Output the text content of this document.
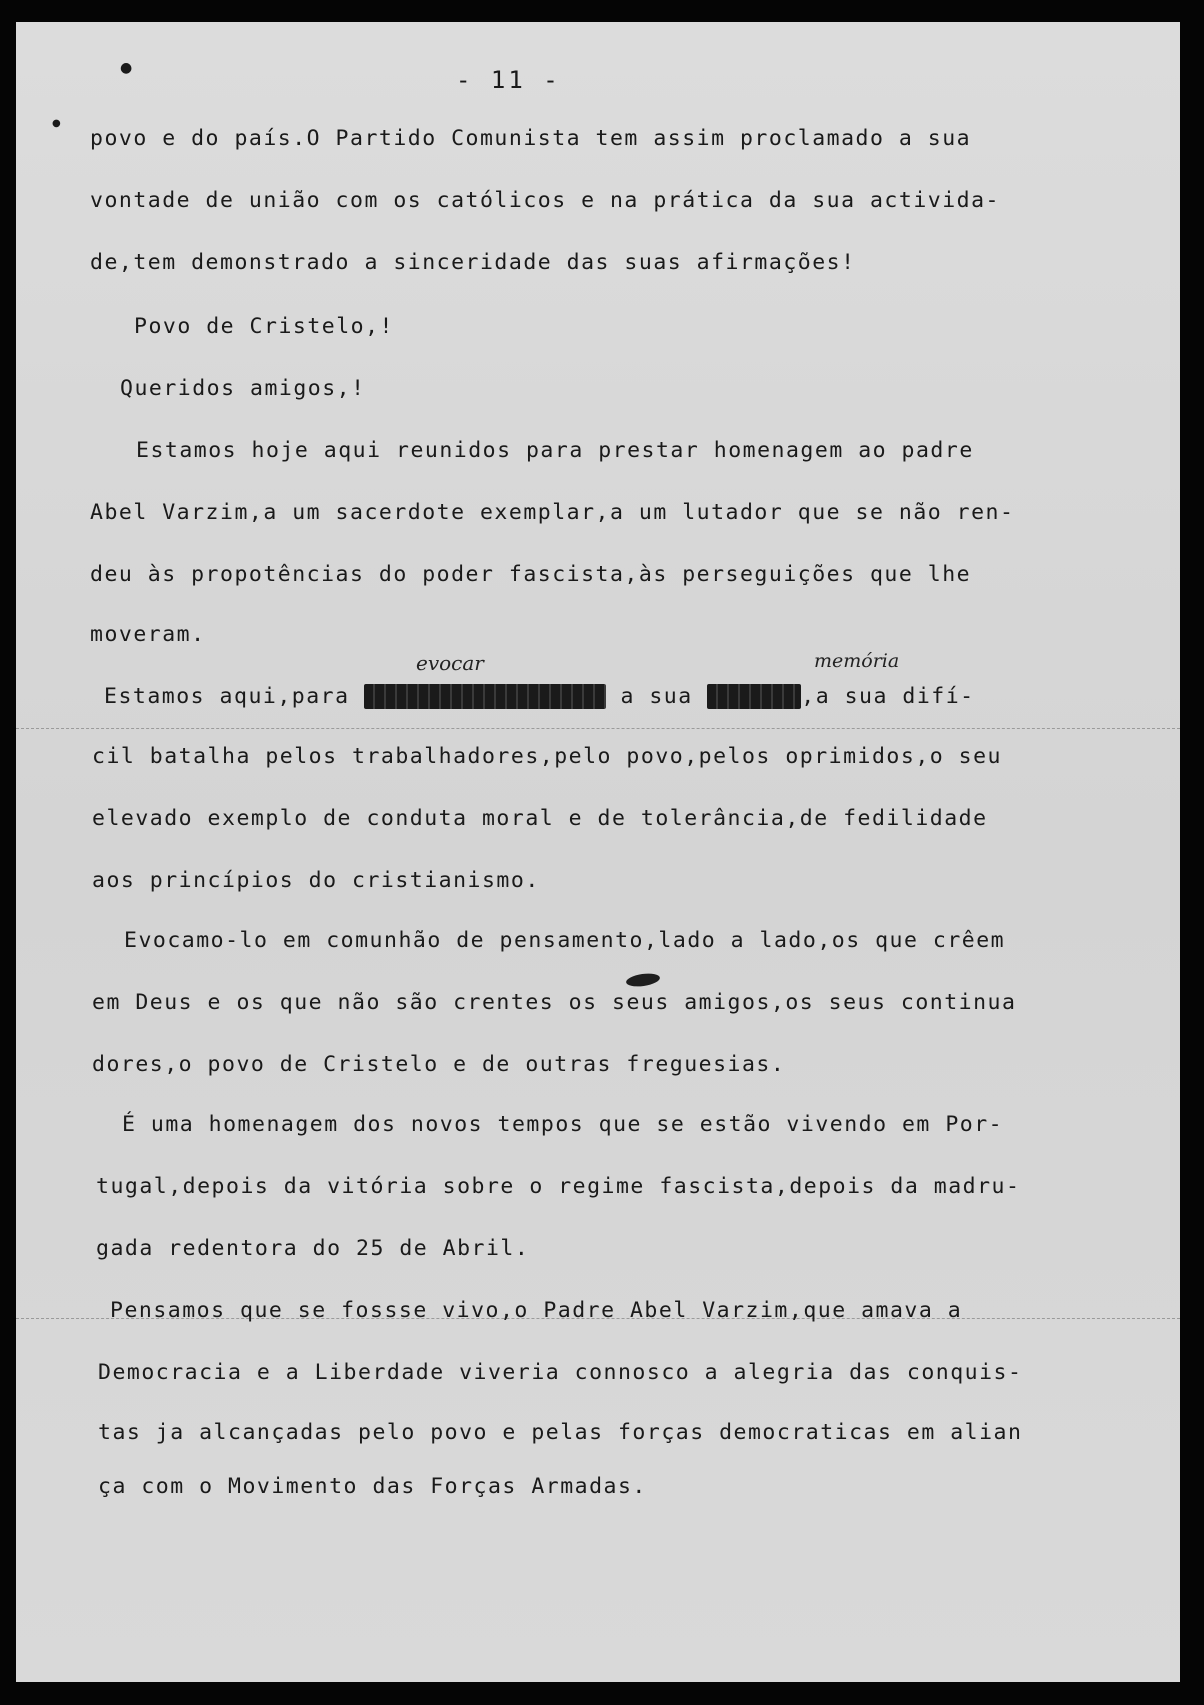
●
●
- 11 -
povo e do país.O Partido Comunista tem assim proclamado a sua
vontade de união com os católicos e na prática da sua activida-
de,tem demonstrado a sinceridade das suas afirmações!
Povo de Cristelo,!
Queridos amigos,!
Estamos hoje aqui reunidos para prestar homenagem ao padre
Abel Varzim,a um sacerdote exemplar,a um lutador que se não ren-
deu às propotências do poder fascista,às perseguições que lhe
moveram.
evocar	memória
Estamos aqui,para	a sua	,a sua difí-
cil batalha pelos trabalhadores,pelo povo,pelos oprimidos,o seu
elevado exemplo de conduta moral e de tolerância,de fedilidade
aos princípios do cristianismo.
Evocamo-lo em comunhão de pensamento,lado a lado,os que crêem
em Deus e os que não são crentes os seus amigos,os seus continua
dores,o povo de Cristelo e de outras freguesias.
É uma homenagem dos novos tempos que se estão vivendo em Por-
tugal,depois da vitória sobre o regime fascista,depois da madru-
gada redentora do 25 de Abril.
Pensamos que se fossse vivo,o Padre Abel Varzim,que amava a
Democracia e a Liberdade viveria connosco a alegria das conquis-
tas ja alcançadas pelo povo e pelas forças democraticas em alian
ça com o Movimento das Forças Armadas.
